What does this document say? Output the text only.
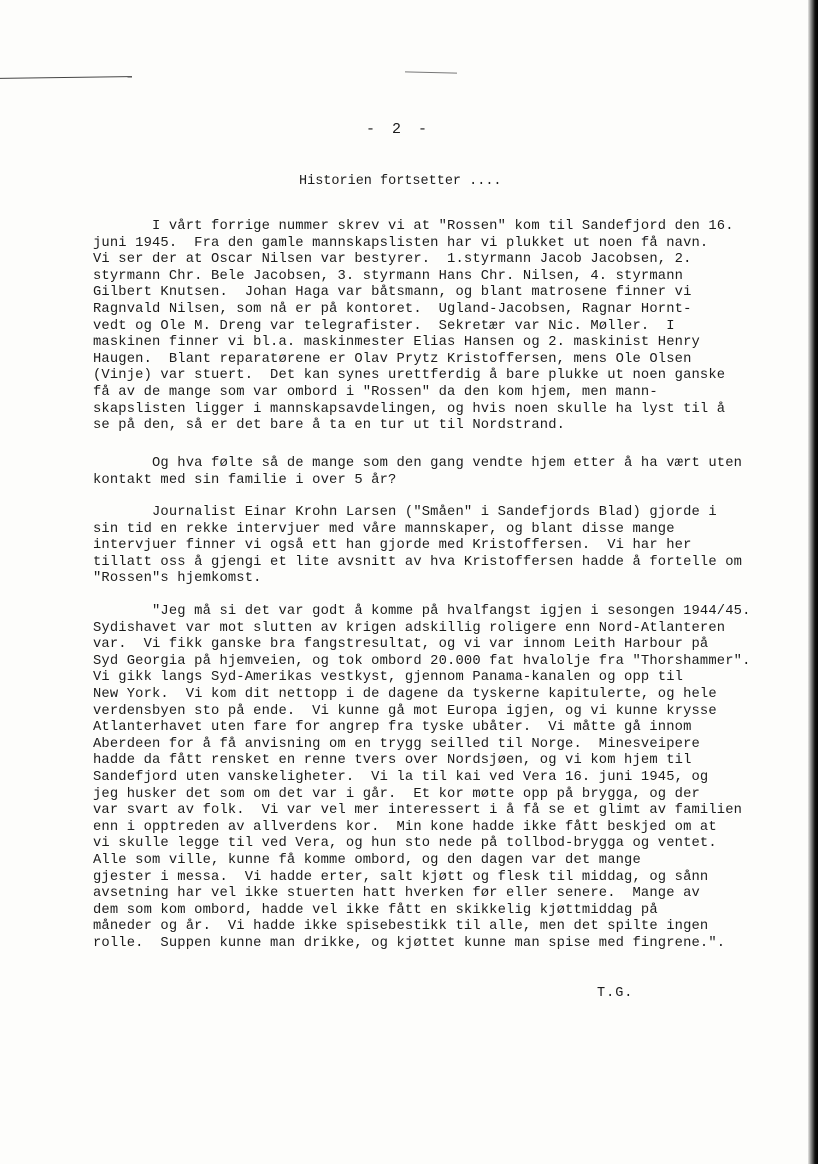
- 2 -
Historien fortsetter ....
I vårt forrige nummer skrev vi at "Rossen" kom til Sandefjord den 16.
juni 1945.  Fra den gamle mannskapslisten har vi plukket ut noen få navn.
Vi ser der at Oscar Nilsen var bestyrer.  1.styrmann Jacob Jacobsen, 2.
styrmann Chr. Bele Jacobsen, 3. styrmann Hans Chr. Nilsen, 4. styrmann
Gilbert Knutsen.  Johan Haga var båtsmann, og blant matrosene finner vi
Ragnvald Nilsen, som nå er på kontoret.  Ugland-Jacobsen, Ragnar Hornt-
vedt og Ole M. Dreng var telegrafister.  Sekretær var Nic. Møller.  I
maskinen finner vi bl.a. maskinmester Elias Hansen og 2. maskinist Henry
Haugen.  Blant reparatørene er Olav Prytz Kristoffersen, mens Ole Olsen
(Vinje) var stuert.  Det kan synes urettferdig å bare plukke ut noen ganske
få av de mange som var ombord i "Rossen" da den kom hjem, men mann-
skapslisten ligger i mannskapsavdelingen, og hvis noen skulle ha lyst til å
se på den, så er det bare å ta en tur ut til Nordstrand.
Og hva følte så de mange som den gang vendte hjem etter å ha vært uten
kontakt med sin familie i over 5 år?
Journalist Einar Krohn Larsen ("Småen" i Sandefjords Blad) gjorde i
sin tid en rekke intervjuer med våre mannskaper, og blant disse mange
intervjuer finner vi også ett han gjorde med Kristoffersen.  Vi har her
tillatt oss å gjengi et lite avsnitt av hva Kristoffersen hadde å fortelle om
"Rossen"s hjemkomst.
"Jeg må si det var godt å komme på hvalfangst igjen i sesongen 1944/45.
Sydishavet var mot slutten av krigen adskillig roligere enn Nord-Atlanteren
var.  Vi fikk ganske bra fangstresultat, og vi var innom Leith Harbour på
Syd Georgia på hjemveien, og tok ombord 20.000 fat hvalolje fra "Thorshammer".
Vi gikk langs Syd-Amerikas vestkyst, gjennom Panama-kanalen og opp til
New York.  Vi kom dit nettopp i de dagene da tyskerne kapitulerte, og hele
verdensbyen sto på ende.  Vi kunne gå mot Europa igjen, og vi kunne krysse
Atlanterhavet uten fare for angrep fra tyske ubåter.  Vi måtte gå innom
Aberdeen for å få anvisning om en trygg seilled til Norge.  Minesveipere
hadde da fått rensket en renne tvers over Nordsjøen, og vi kom hjem til
Sandefjord uten vanskeligheter.  Vi la til kai ved Vera 16. juni 1945, og
jeg husker det som om det var i går.  Et kor møtte opp på brygga, og der
var svart av folk.  Vi var vel mer interessert i å få se et glimt av familien
enn i opptreden av allverdens kor.  Min kone hadde ikke fått beskjed om at
vi skulle legge til ved Vera, og hun sto nede på tollbod-brygga og ventet.
Alle som ville, kunne få komme ombord, og den dagen var det mange
gjester i messa.  Vi hadde erter, salt kjøtt og flesk til middag, og sånn
avsetning har vel ikke stuerten hatt hverken før eller senere.  Mange av
dem som kom ombord, hadde vel ikke fått en skikkelig kjøttmiddag på
måneder og år.  Vi hadde ikke spisebestikk til alle, men det spilte ingen
rolle.  Suppen kunne man drikke, og kjøttet kunne man spise med fingrene.".
T.G.
